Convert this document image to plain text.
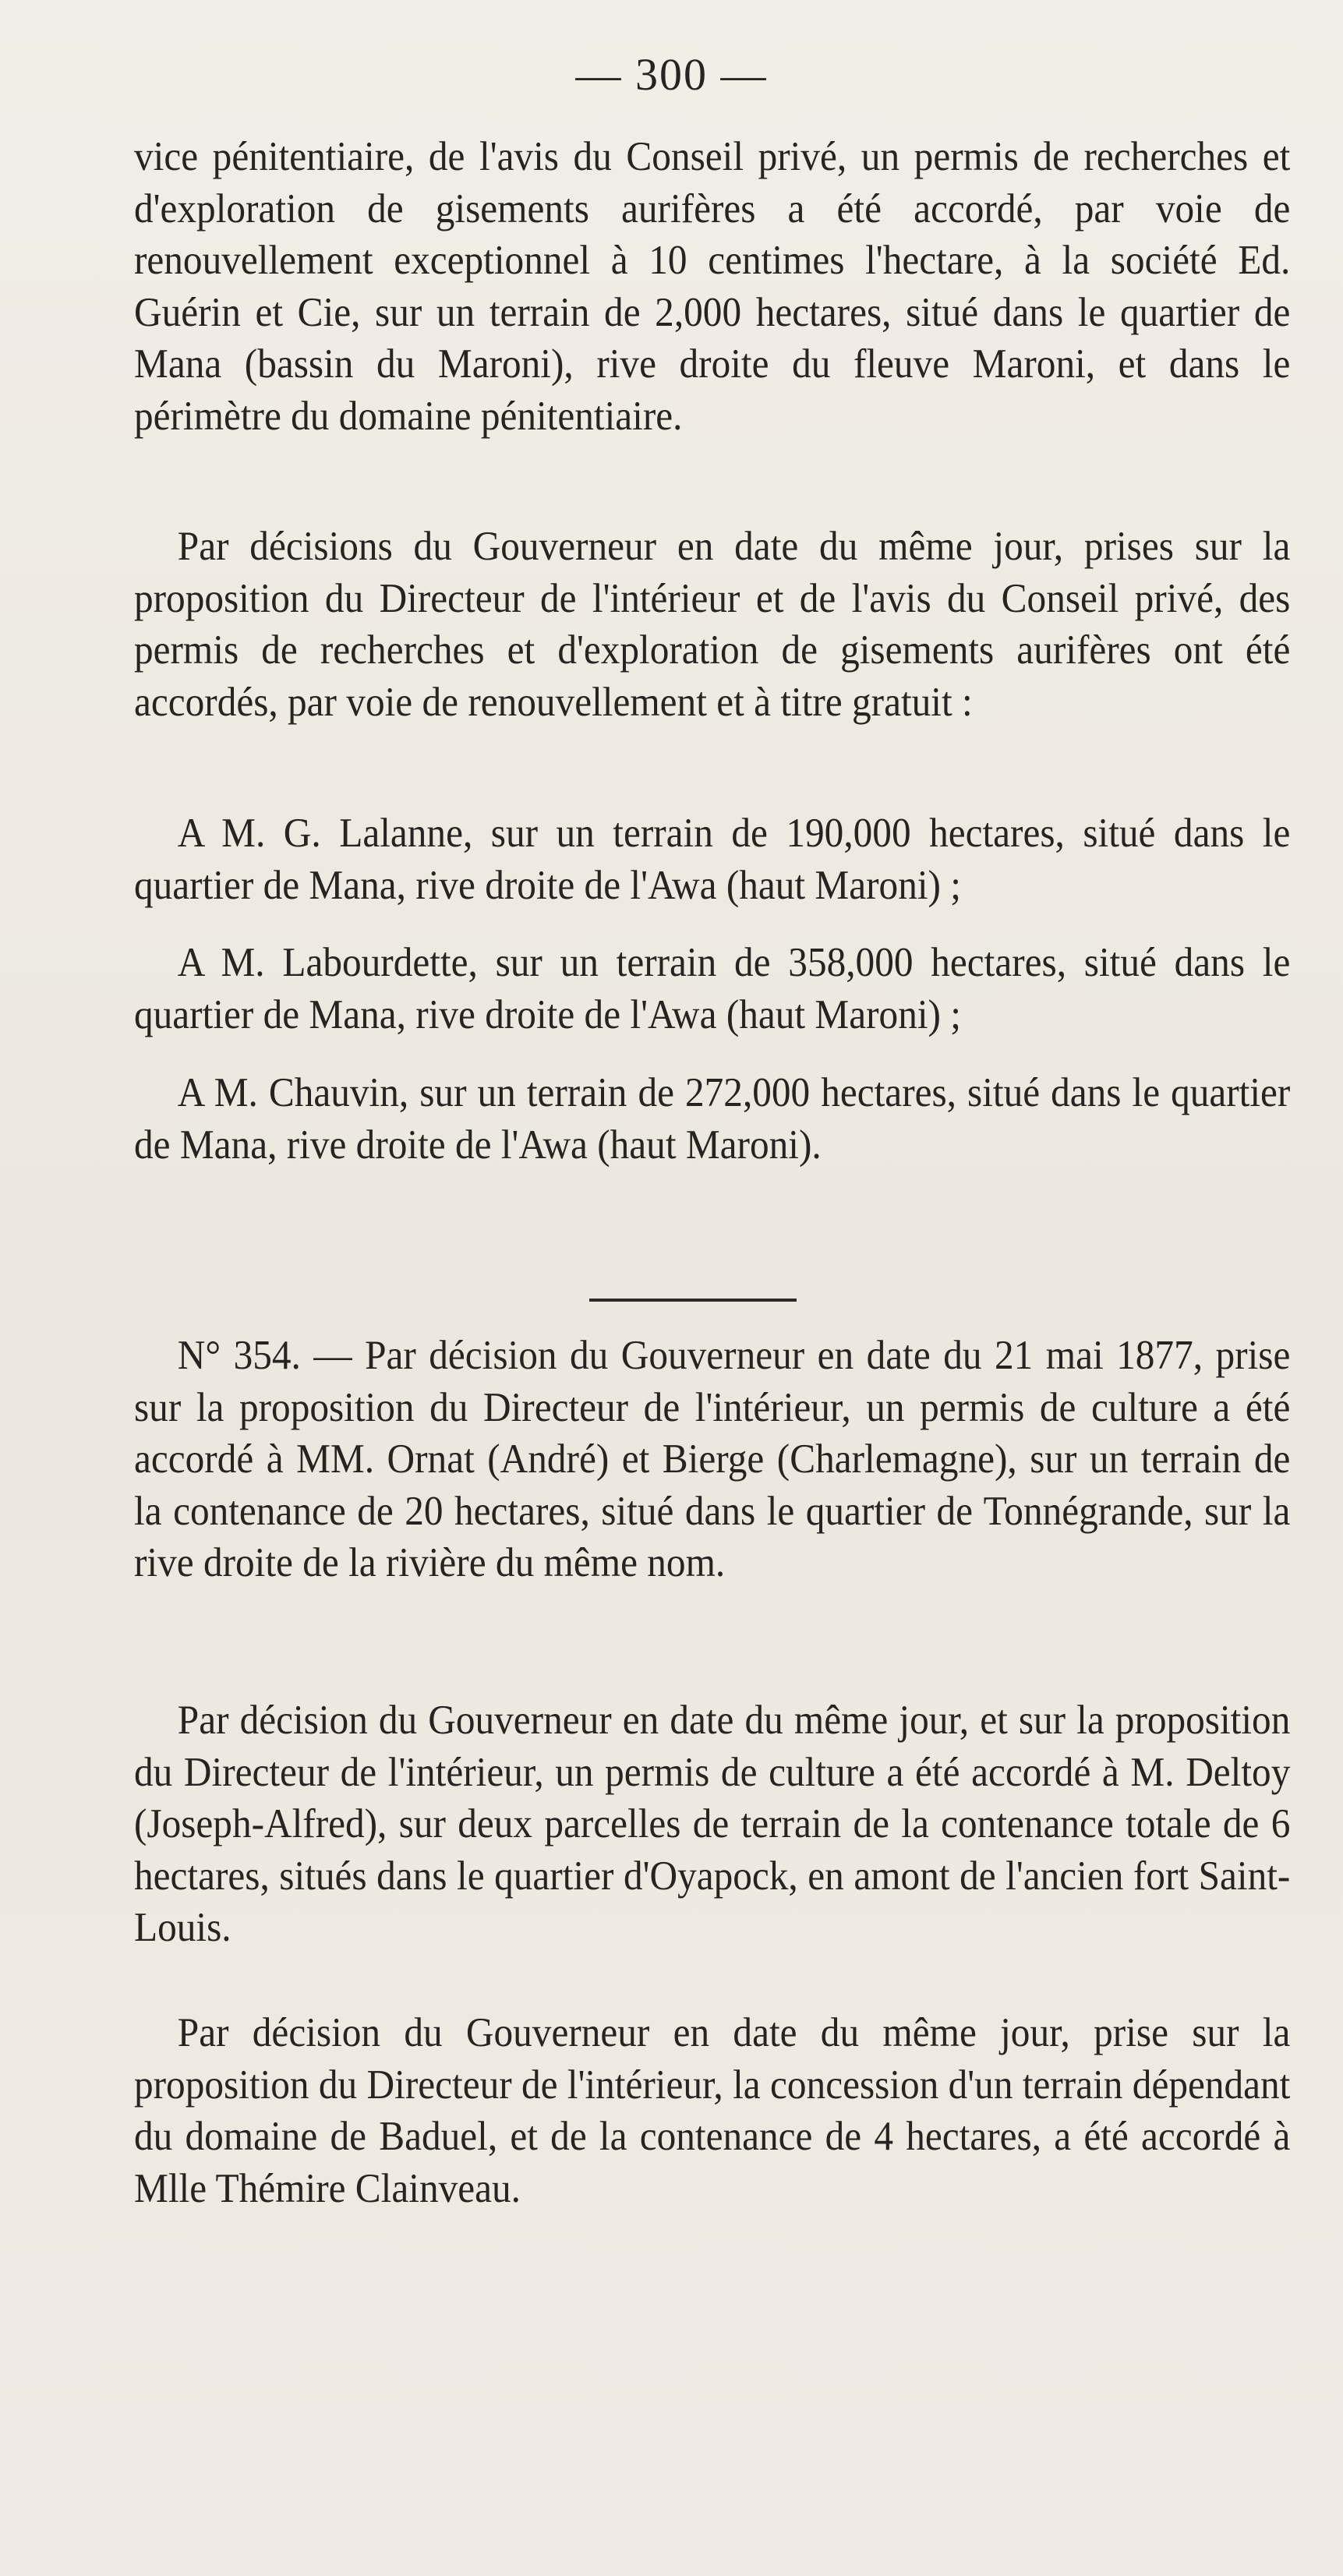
— 300 —

vice pénitentiaire, de l'avis du Conseil privé, un permis de recherches et d'exploration de gisements aurifères a été accordé, par voie de renouvellement exceptionnel à 10 centimes l'hectare, à la société Ed. Guérin et Cie, sur un terrain de 2,000 hectares, situé dans le quartier de Mana (bassin du Maroni), rive droite du fleuve Maroni, et dans le périmètre du domaine pénitentiaire.

Par décisions du Gouverneur en date du même jour, prises sur la proposition du Directeur de l'intérieur et de l'avis du Conseil privé, des permis de recherches et d'exploration de gisements aurifères ont été accordés, par voie de renouvellement et à titre gratuit :

A M. G. Lalanne, sur un terrain de 190,000 hectares, situé dans le quartier de Mana, rive droite de l'Awa (haut Maroni) ;

A M. Labourdette, sur un terrain de 358,000 hectares, situé dans le quartier de Mana, rive droite de l'Awa (haut Maroni) ;

A M. Chauvin, sur un terrain de 272,000 hectares, situé dans le quartier de Mana, rive droite de l'Awa (haut Maroni).

N° 354. — Par décision du Gouverneur en date du 21 mai 1877, prise sur la proposition du Directeur de l'intérieur, un permis de culture a été accordé à MM. Ornat (André) et Bierge (Charlemagne), sur un terrain de la contenance de 20 hectares, situé dans le quartier de Tonnégrande, sur la rive droite de la rivière du même nom.

Par décision du Gouverneur en date du même jour, et sur la proposition du Directeur de l'intérieur, un permis de culture a été accordé à M. Deltoy (Joseph-Alfred), sur deux parcelles de terrain de la contenance totale de 6 hectares, situés dans le quartier d'Oyapock, en amont de l'ancien fort Saint-Louis.

Par décision du Gouverneur en date du même jour, prise sur la proposition du Directeur de l'intérieur, la concession d'un terrain dépendant du domaine de Baduel, et de la contenance de 4 hectares, a été accordé à Mlle Thémire Clainveau.
